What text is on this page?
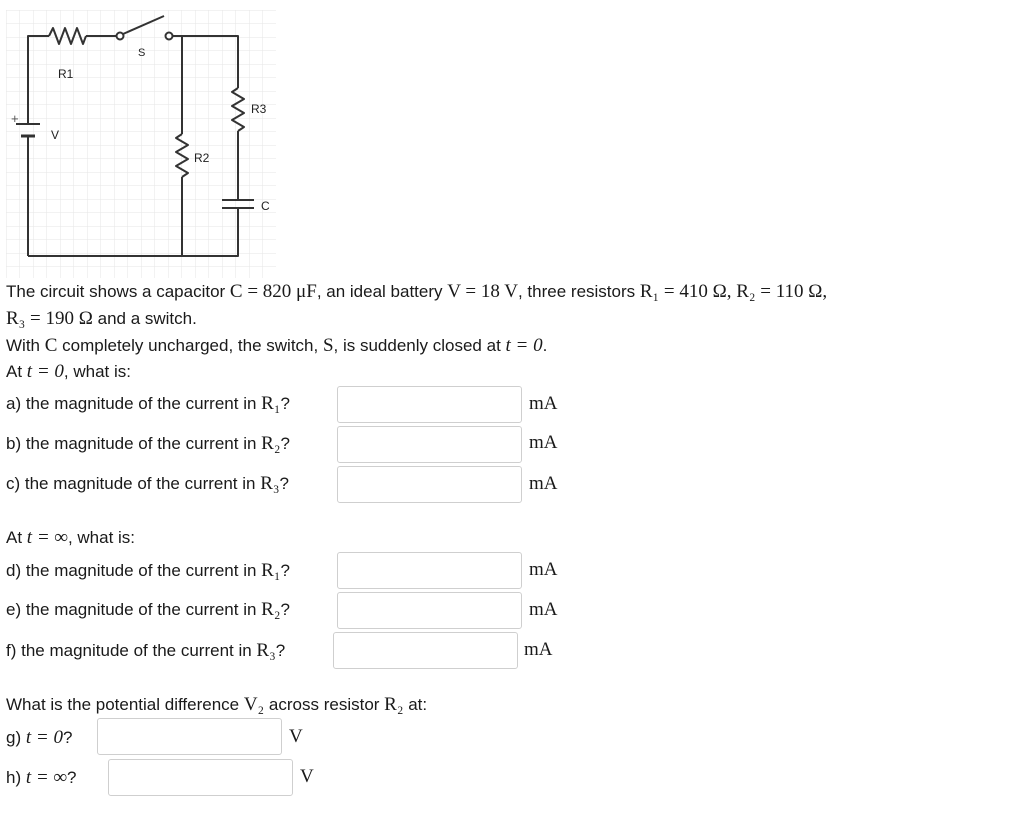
R1
S
R3
R2
V
C
+
The circuit shows a capacitor C = 820 μF, an ideal battery V = 18 V, three resistors R₁ = 410 Ω, R₂ = 110 Ω,
R₃ = 190 Ω and a switch.
With C completely uncharged, the switch, S, is suddenly closed at t = 0.
At t = 0, what is:
a) the magnitude of the current in R₁?	mA
b) the magnitude of the current in R₂?	mA
c) the magnitude of the current in R₃?	mA
At t = ∞, what is:
d) the magnitude of the current in R₁?	mA
e) the magnitude of the current in R₂?	mA
f) the magnitude of the current in R₃?	mA
What is the potential difference V₂ across resistor R₂ at:
g) t = 0?	V
h) t = ∞?	V
